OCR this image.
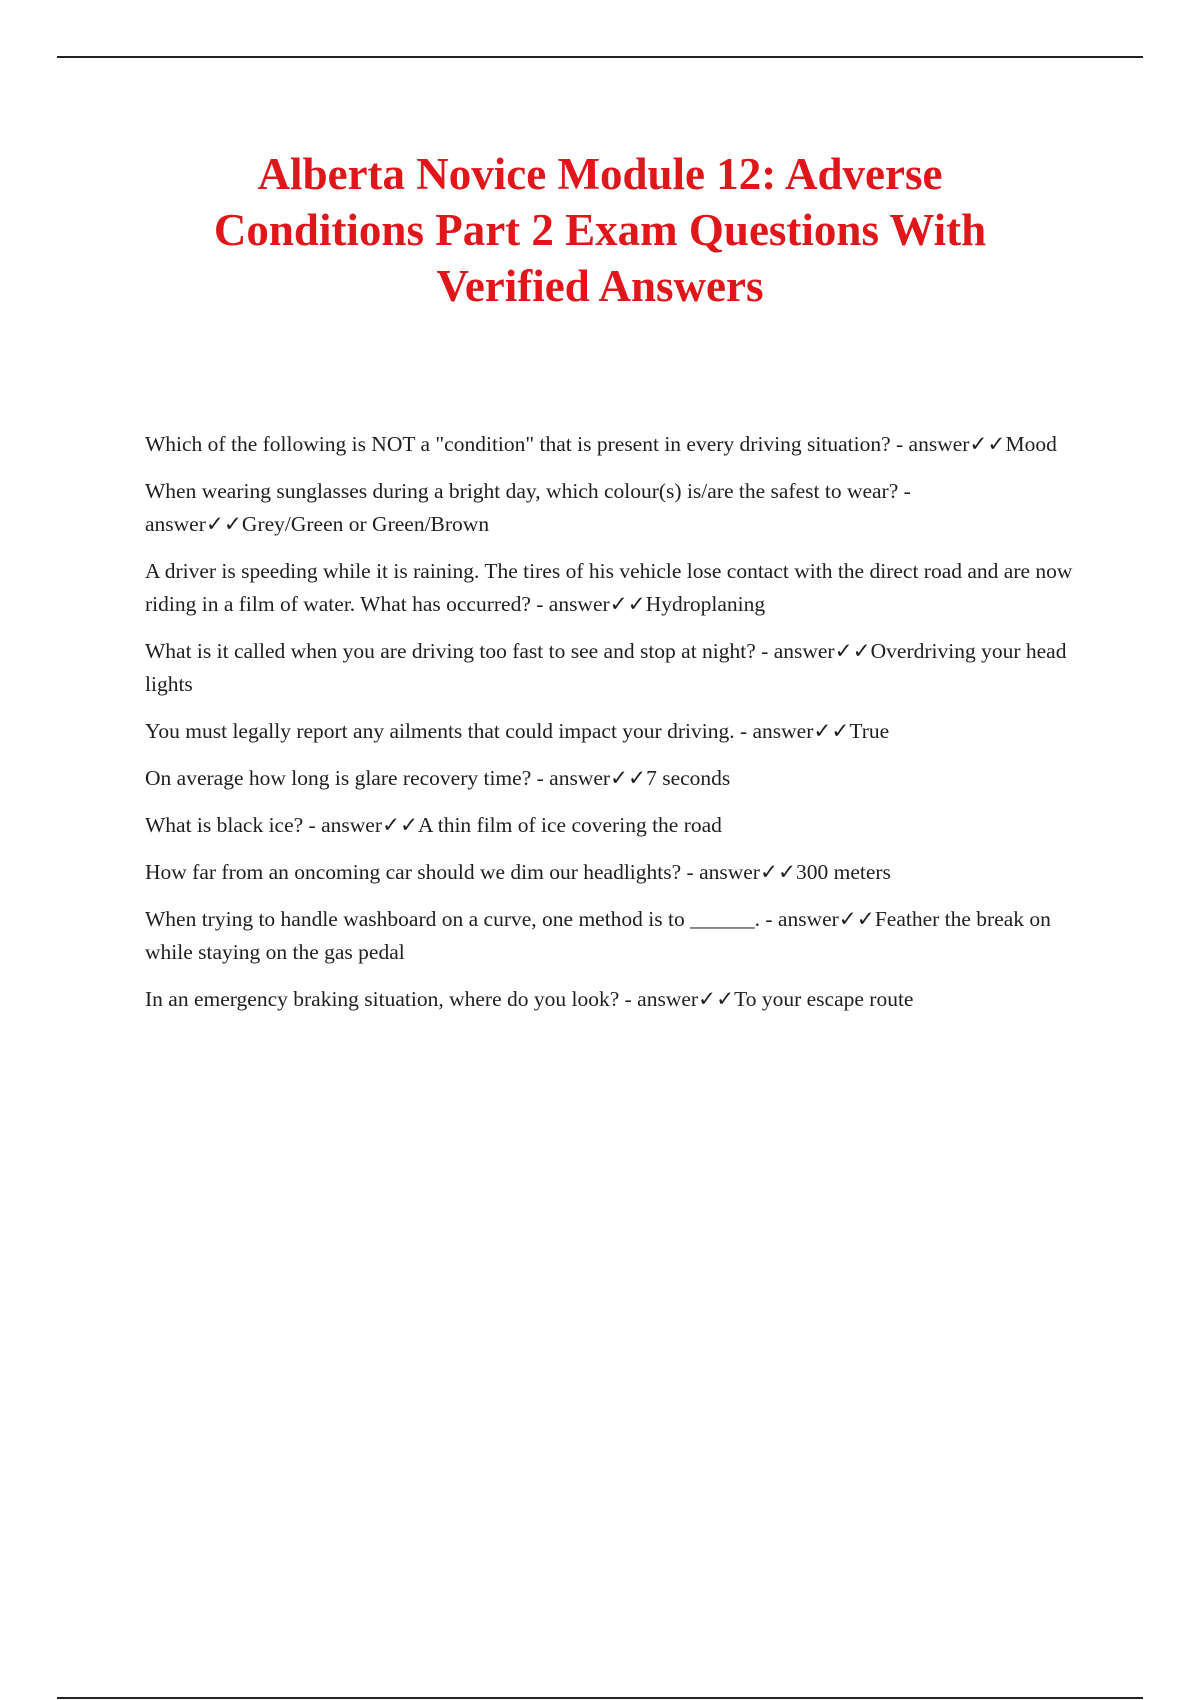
Alberta Novice Module 12: Adverse Conditions Part 2 Exam Questions With Verified Answers

Which of the following is NOT a "condition" that is present in every driving situation? - answer✓✓Mood

When wearing sunglasses during a bright day, which colour(s) is/are the safest to wear? - answer✓✓Grey/Green or Green/Brown

A driver is speeding while it is raining. The tires of his vehicle lose contact with the direct road and are now riding in a film of water. What has occurred? - answer✓✓Hydroplaning

What is it called when you are driving too fast to see and stop at night? - answer✓✓Overdriving your head lights

You must legally report any ailments that could impact your driving. - answer✓✓True

On average how long is glare recovery time? - answer✓✓7 seconds

What is black ice? - answer✓✓A thin film of ice covering the road

How far from an oncoming car should we dim our headlights? - answer✓✓300 meters

When trying to handle washboard on a curve, one method is to ______. - answer✓✓Feather the break on while staying on the gas pedal

In an emergency braking situation, where do you look? - answer✓✓To your escape route
